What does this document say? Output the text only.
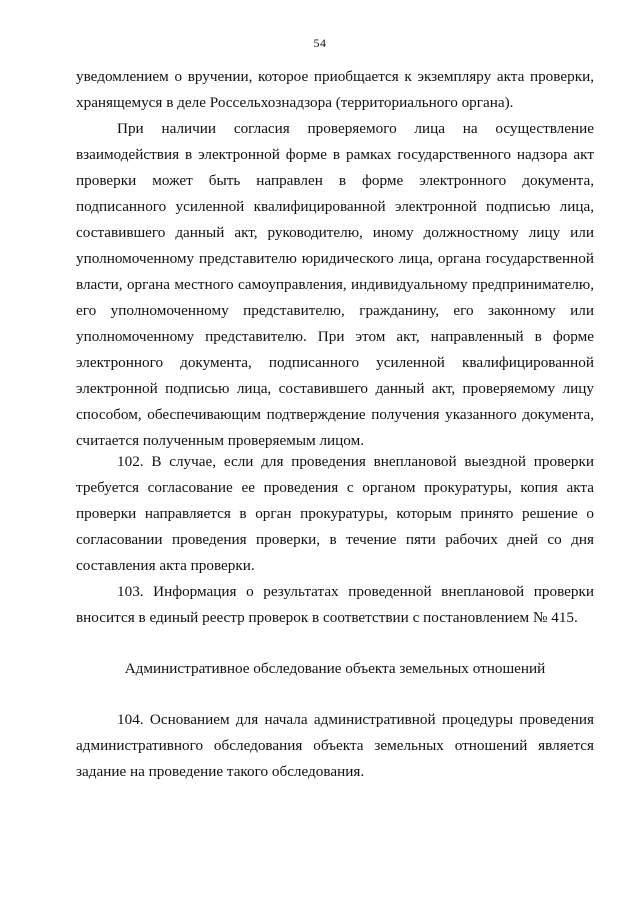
54

уведомлением о вручении, которое приобщается к экземпляру акта проверки, хранящемуся в деле Россельхознадзора (территориального органа).

При наличии согласия проверяемого лица на осуществление взаимодействия в электронной форме в рамках государственного надзора акт проверки может быть направлен в форме электронного документа, подписанного усиленной квалифицированной электронной подписью лица, составившего данный акт, руководителю, иному должностному лицу или уполномоченному представителю юридического лица, органа государственной власти, органа местного самоуправления, индивидуальному предпринимателю, его уполномоченному представителю, гражданину, его законному или уполномоченному представителю. При этом акт, направленный в форме электронного документа, подписанного усиленной квалифицированной электронной подписью лица, составившего данный акт, проверяемому лицу способом, обеспечивающим подтверждение получения указанного документа, считается полученным проверяемым лицом.

102. В случае, если для проведения внеплановой выездной проверки требуется согласование ее проведения с органом прокуратуры, копия акта проверки направляется в орган прокуратуры, которым принято решение о согласовании проведения проверки, в течение пяти рабочих дней со дня составления акта проверки.

103. Информация о результатах проведенной внеплановой проверки вносится в единый реестр проверок в соответствии с постановлением № 415.

Административное обследование объекта земельных отношений

104. Основанием для начала административной процедуры проведения административного обследования объекта земельных отношений является задание на проведение такого обследования.
